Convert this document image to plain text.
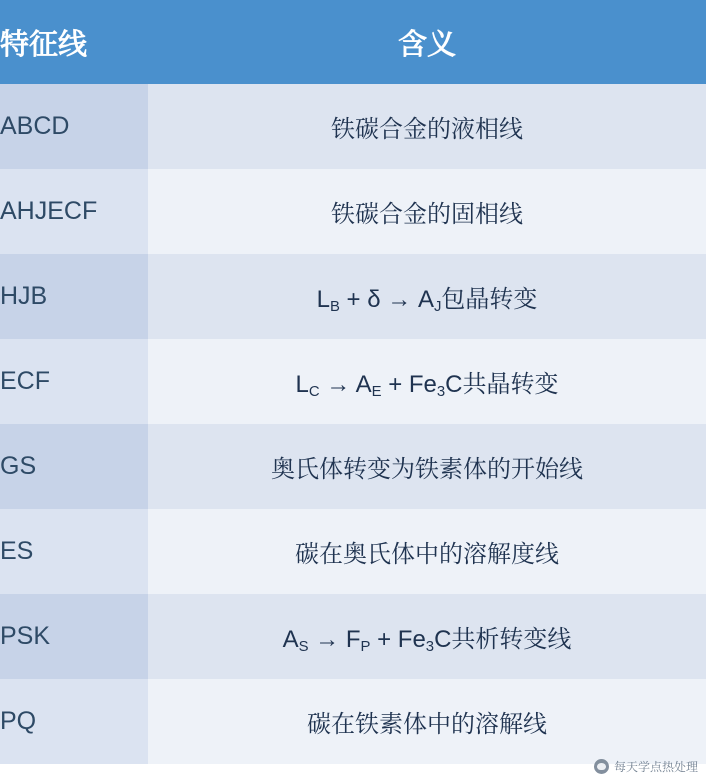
特征线	含义
ABCD	铁碳合金的液相线
AHJECF	铁碳合金的固相线
HJB	$L_B + \delta \to A_J$包晶转变
ECF	$L_C \to A_E + Fe_3C$共晶转变
GS	奥氏体转变为铁素体的开始线
ES	碳在奥氏体中的溶解度线
PSK	$A_S \to F_P + Fe_3C$共析转变线
PQ	碳在铁素体中的溶解线
每天学点热处理
